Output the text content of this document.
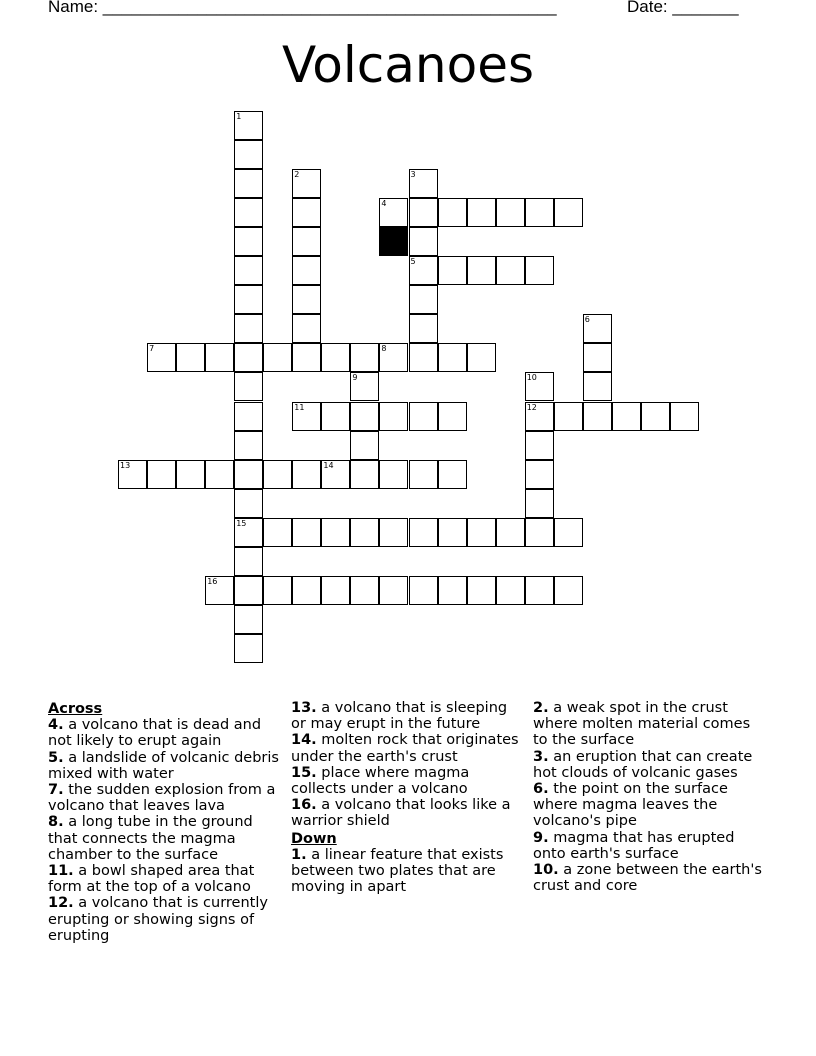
Name: ________________________________________________	Date: _______
Volcanoes
1
15
2	3
5
4
6
7	8
9	10
12
11
13	14
16
Across
4. a volcano that is dead and not likely to erupt again
5. a landslide of volcanic debris mixed with water
7. the sudden explosion from a volcano that leaves lava
8. a long tube in the ground that connects the magma chamber to the surface
11. a bowl shaped area that form at the top of a volcano
12. a volcano that is currently erupting or showing signs of erupting
13. a volcano that is sleeping or may erupt in the future
14. molten rock that originates under the earth's crust
15. place where magma collects under a volcano
16. a volcano that looks like a warrior shield
Down
1. a linear feature that exists between two plates that are moving in apart
2. a weak spot in the crust where molten material comes to the surface
3. an eruption that can create hot clouds of volcanic gases
6. the point on the surface where magma leaves the volcano's pipe
9. magma that has erupted onto earth's surface
10. a zone between the earth's crust and core
